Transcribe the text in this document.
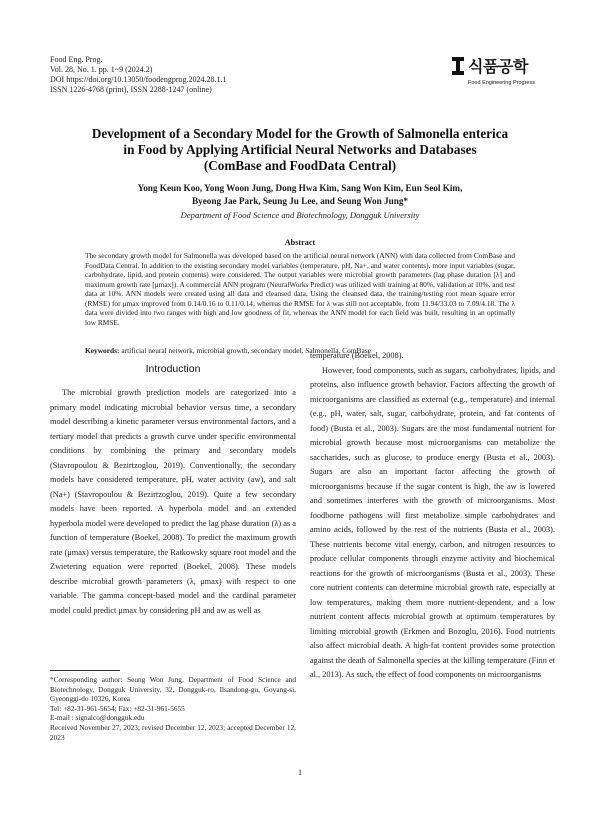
Food Eng. Prog.
Vol. 28, No. 1. pp. 1~9 (2024.2)
DOI https://doi.org/10.13050/foodengprog.2024.28.1.1
ISSN 1226-4768 (print), ISSN 2288-1247 (online)
식품공학
Food Engineering Progress
Development of a Secondary Model for the Growth of Salmonella enterica
in Food by Applying Artificial Neural Networks and Databases
(ComBase and FoodData Central)
Yong Keun Koo, Yong Woon Jung, Dong Hwa Kim, Sang Won Kim, Eun Seol Kim,
Byeong Jae Park, Seung Ju Lee, and Seung Won Jung*
Department of Food Science and Biotechnology, Dongguk University
Abstract
The secondary growth model for Salmonella was developed based on the artificial neural network (ANN) with data collected from ComBase and FoodData Central. In addition to the existing secondary model variables (temperature, pH, Na+, and water contents), more input variables (sugar, carbohydrate, lipid, and protein contents) were considered. The output variables were microbial growth parameters (lag phase duration [λ] and maximum growth rate [μmax]). A commercial ANN program (NeuralWorks Predict) was utilized with training at 80%, validation at 10%, and test data at 10%. ANN models were created using all data and cleansed data. Using the cleansed data, the training/testing root mean square error (RMSE) for μmax improved from 0.14/0.16 to 0.11/0.14, whereas the RMSE for λ was still not acceptable, from 11.94/33.03 to 7.09/4.18. The λ data were divided into two ranges with high and low goodness of fit, whereas the ANN model for each field was built, resulting in an optimally low RMSE.
Keywords: artificial neural network, microbial growth, secondary model, Salmonella, ComBase
Introduction

The microbial growth prediction models are categorized into a primary model indicating microbial behavior versus time, a secondary model describing a kinetic parameter versus environmental factors, and a tertiary model that predicts a growth curve under specific environmental conditions by combining the primary and secondary models (Stavropoulou & Bezirtzoglou, 2019). Conventionally, the secondary models have considered temperature, pH, water activity (aw), and salt (Na+) (Stavropoulou & Bezirtzoglou, 2019). Quite a few secondary models have been reported. A hyperbola model and an extended hyperbola model were developed to predict the lag phase duration (λ) as a function of temperature (Boekel, 2008). To predict the maximum growth rate (μmax) versus temperature, the Ratkowsky square root model and the Zwietering equation were reported (Boekel, 2008). These models describe microbial growth parameters (λ, μmax) with respect to one variable. The gamma concept-based model and the cardinal parameter model could predict μmax by considering pH and aw as well as

temperature (Boekel, 2008).

However, food components, such as sugars, carbohydrates, lipids, and proteins, also influence growth behavior. Factors affecting the growth of microorganisms are classified as external (e.g., temperature) and internal (e.g., pH, water, salt, sugar, carbohydrate, protein, and fat contents of food) (Busta et al., 2003). Sugars are the most fundamental nutrient for microbial growth because most microorganisms can metabolize the saccharides, such as glucose, to produce energy (Busta et al., 2003). Sugars are also an important factor affecting the growth of microorganisms because if the sugar content is high, the aw is lowered and sometimes interferes with the growth of microorganisms. Most foodborne pathogens will first metabolize simple carbohydrates and amino acids, followed by the rest of the nutrients (Busta et al., 2003). These nutrients become vital energy, carbon, and nitrogen resources to produce cellular components through enzyme activity and biochemical reactions for the growth of microorganisms (Busta et al., 2003). These core nutrient contents can determine microbial growth rate, especially at low temperatures, making them more nutrient-dependent, and a low nutrient content affects microbial growth at optimum temperatures by limiting microbial growth (Erkmen and Bozoglu, 2016). Food nutrients also affect microbial death. A high-fat content provides some protection against the death of Salmonella species at the killing temperature (Finn et al., 2013). As such, the effect of food components on microorganisms

*Corresponding author: Seung Won Jung, Department of Food Science and Biotechnology, Dongguk University, 32, Dongguk-ro, Ilsandong-gu, Goyang-si, Gyeonggi-do 10326, Korea
Tel: +82-31-961-5654; Fax: +82-31-961-5655
E-mail : signalco@dongguk.edu
Received November 27, 2023; revised December 12, 2023; accepted December 12, 2023
1
